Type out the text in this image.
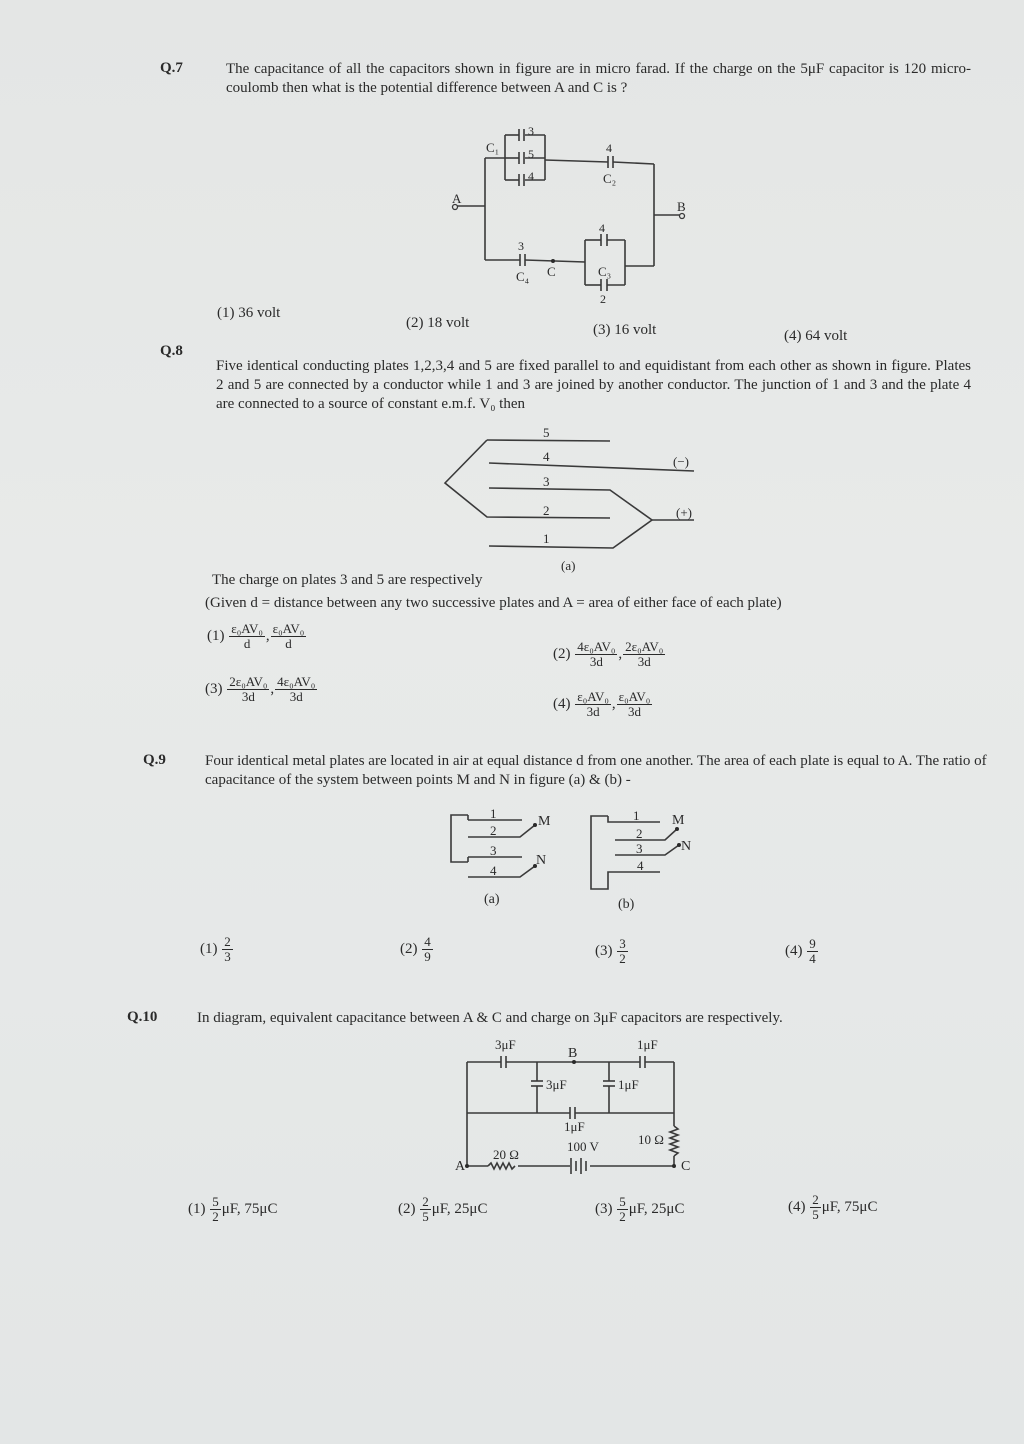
Q.7	The capacitance of all the capacitors shown in figure are in micro farad. If the charge on the 5μF capacitor is 120 micro-coulomb then what is the potential difference between A and C is ?
3
5
4
C₁	4
C₂
B
A
3
C₄ C
4
C₃
2
(1) 36 volt
(2) 18 volt	(3) 16 volt	(4) 64 volt
Q.8
Five identical conducting plates 1,2,3,4 and 5 are fixed parallel to and equidistant from each other as shown in figure. Plates 2 and 5 are connected by a conductor while 1 and 3 are joined by another conductor. The junction of 1 and 3 and the plate 4 are connected to a source of constant e.m.f. V₀ then
5
4
3
2
1
(−)
(+)
(a)
The charge on plates 3 and 5 are respectively
(Given d = distance between any two successive plates and A = area of either face of each plate)
$(1) \frac{\text{ε₀AV₀}}{d}$ , $\frac{\text{ε₀AV₀}}{d}$
$(2) \frac{\text{4ε₀AV₀}}{3d}$ , $\frac{\text{2ε₀AV₀}}{3d}$
$(3) \frac{\text{2ε₀AV₀}}{3d}$ , $\frac{\text{4ε₀AV₀}}{3d}$	$(4) \frac{\text{ε₀AV₀}}{3d}$ , $\frac{\text{ε₀AV₀}}{3d}$
Q.9	Four identical metal plates are located in air at equal distance d from one another. The area of each plate is equal to A. The ratio of capacitance of the system between points M and N in figure (a) & (b) -
1
2
3
4
M
N
(a)
1
2
3
4
M
N
(b)
$(1) \frac{2}{3}$	$(2) \frac{4}{9}$	$(3) \frac{3}{2}$	$(4) \frac{9}{4}$
Q.10	In diagram, equivalent capacitance between A & C and charge on 3μF capacitors are respectively.
3μF	1μF
B
3μF	1μF
1μF
100 V
20 Ω
10 Ω
A	C
$(1) \frac{5}{2} \mu F$, 75μC	$(2) \frac{2}{5} \mu F$, 25μC	$(3) \frac{5}{2} \mu F$, 25μC	$(4) \frac{2}{5} \mu F$, 75μC
